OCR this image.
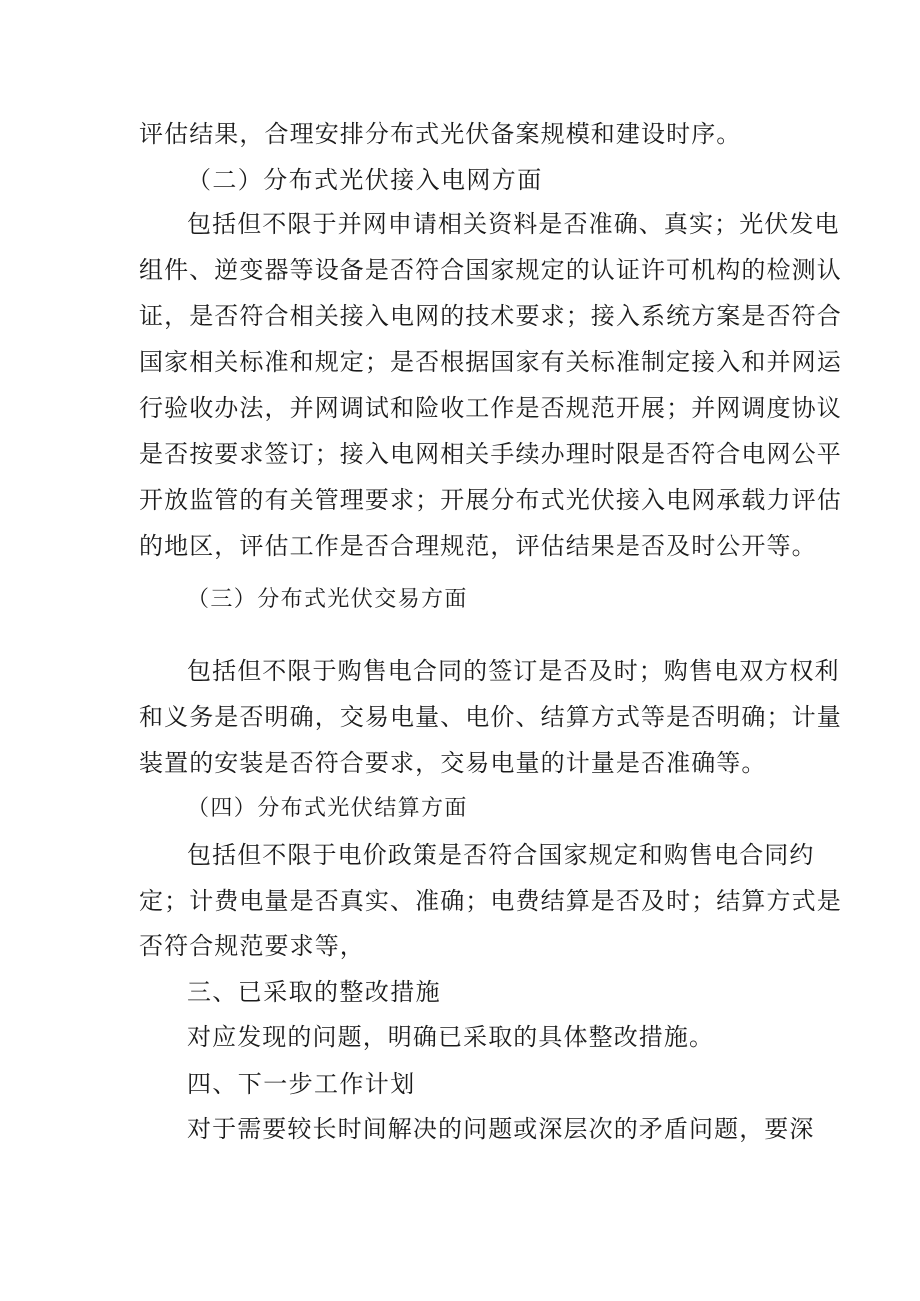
评估结果，合理安排分布式光伏备案规模和建设时序。
（二）分布式光伏接入电网方面
包括但不限于并网申请相关资料是否准确、真实；光伏发电
组件、逆变器等设备是否符合国家规定的认证许可机构的检测认
证，是否符合相关接入电网的技术要求；接入系统方案是否符合
国家相关标准和规定；是否根据国家有关标准制定接入和并网运
行验收办法，并网调试和险收工作是否规范开展；并网调度协议
是否按要求签订；接入电网相关手续办理时限是否符合电网公平
开放监管的有关管理要求；开展分布式光伏接入电网承载力评估
的地区，评估工作是否合理规范，评估结果是否及时公开等。
（三）分布式光伏交易方面
包括但不限于购售电合同的签订是否及时；购售电双方权利
和义务是否明确，交易电量、电价、结算方式等是否明确；计量
装置的安装是否符合要求，交易电量的计量是否准确等。
（四）分布式光伏结算方面
包括但不限于电价政策是否符合国家规定和购售电合同约
定；计费电量是否真实、准确；电费结算是否及时；结算方式是
否符合规范要求等，
三、已采取的整改措施
对应发现的问题，明确已采取的具体整改措施。
四、下一步工作计划
对于需要较长时间解决的问题或深层次的矛盾问题，要深
